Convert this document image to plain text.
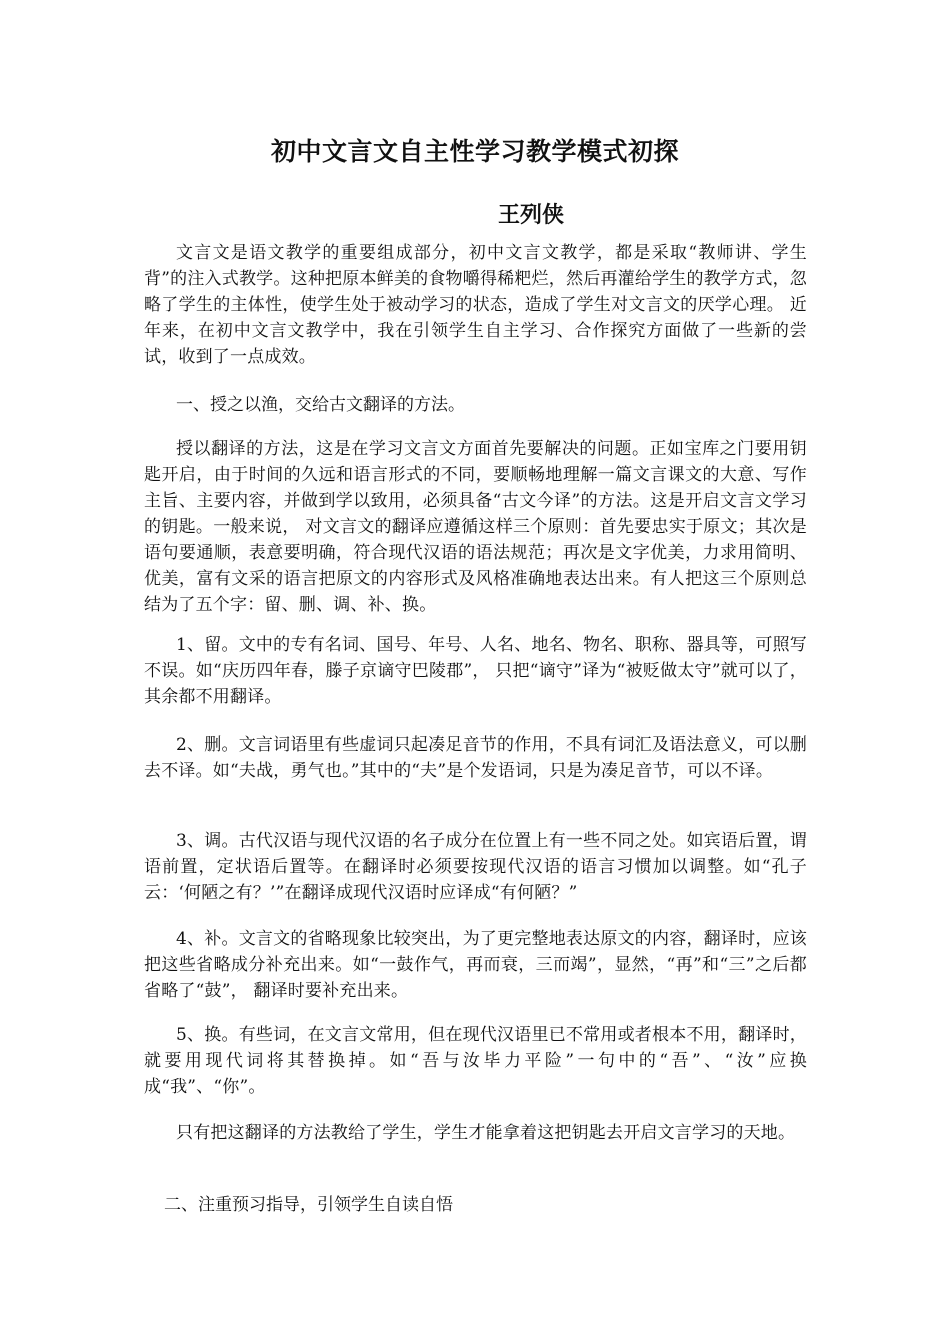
初中文言文自主性学习教学模式初探
王列侠

文言文是语文教学的重要组成部分，初中文言文教学，都是采取“教师讲、学生背”的注入式教学。这种把原本鲜美的食物嚼得稀粑烂，然后再灌给学生的教学方式，忽略了学生的主体性，使学生处于被动学习的状态，造成了学生对文言文的厌学心理。 近年来，在初中文言文教学中，我在引领学生自主学习、合作探究方面做了一些新的尝试，收到了一点成效。

一、授之以渔，交给古文翻译的方法。

授以翻译的方法，这是在学习文言文方面首先要解决的问题。正如宝库之门要用钥匙开启，由于时间的久远和语言形式的不同，要顺畅地理解一篇文言课文的大意、写作主旨、主要内容，并做到学以致用，必须具备“古文今译”的方法。这是开启文言文学习的钥匙。一般来说， 对文言文的翻译应遵循这样三个原则：首先要忠实于原文；其次是语句要通顺，表意要明确，符合现代汉语的语法规范；再次是文字优美，力求用简明、优美，富有文采的语言把原文的内容形式及风格准确地表达出来。有人把这三个原则总结为了五个字：留、删、调、补、换。

1、留。文中的专有名词、国号、年号、人名、地名、物名、职称、器具等，可照写不误。如“庆历四年春，滕子京谪守巴陵郡”， 只把“谪守”译为“被贬做太守”就可以了，其余都不用翻译。

2、删。文言词语里有些虚词只起凑足音节的作用，不具有词汇及语法意义，可以删去不译。如“夫战，勇气也。”其中的“夫”是个发语词，只是为凑足音节，可以不译。

3、调。古代汉语与现代汉语的名子成分在位置上有一些不同之处。如宾语后置，谓语前置，定状语后置等。在翻译时必须要按现代汉语的语言习惯加以调整。如“孔子云：‘何陋之有？’”在翻译成现代汉语时应译成“有何陋？”

4、补。文言文的省略现象比较突出，为了更完整地表达原文的内容，翻译时，应该把这些省略成分补充出来。如“一鼓作气，再而衰，三而竭”，显然，“再”和“三”之后都省略了“鼓”， 翻译时要补充出来。

5、换。有些词，在文言文常用，但在现代汉语里已不常用或者根本不用，翻译时，就要用现代词将其替换掉。如“吾与汝毕力平险”一句中的“吾”、“汝”应换成“我”、“你”。

只有把这翻译的方法教给了学生，学生才能拿着这把钥匙去开启文言学习的天地。

二、注重预习指导，引领学生自读自悟
